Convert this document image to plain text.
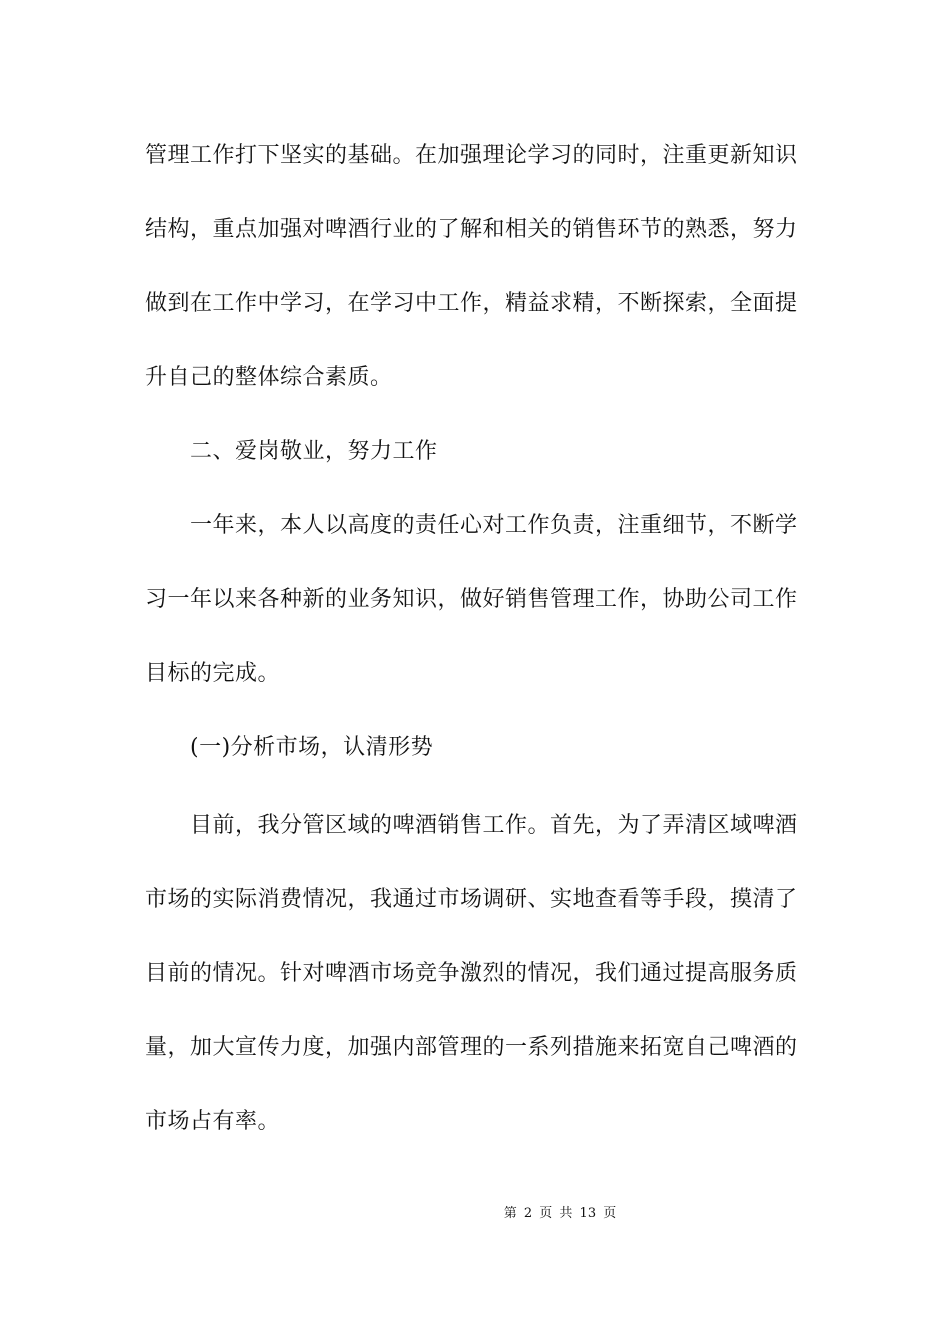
管理工作打下坚实的基础。在加强理论学习的同时，注重更新知识
结构，重点加强对啤酒行业的了解和相关的销售环节的熟悉，努力
做到在工作中学习，在学习中工作，精益求精，不断探索，全面提
升自己的整体综合素质。
二、爱岗敬业，努力工作
一年来，本人以高度的责任心对工作负责，注重细节，不断学
习一年以来各种新的业务知识，做好销售管理工作，协助公司工作
目标的完成。
(一)分析市场，认清形势
目前，我分管区域的啤酒销售工作。首先，为了弄清区域啤酒
市场的实际消费情况，我通过市场调研、实地查看等手段，摸清了
目前的情况。针对啤酒市场竞争激烈的情况，我们通过提高服务质
量，加大宣传力度，加强内部管理的一系列措施来拓宽自己啤酒的
市场占有率。
第 2 页 共 13 页
